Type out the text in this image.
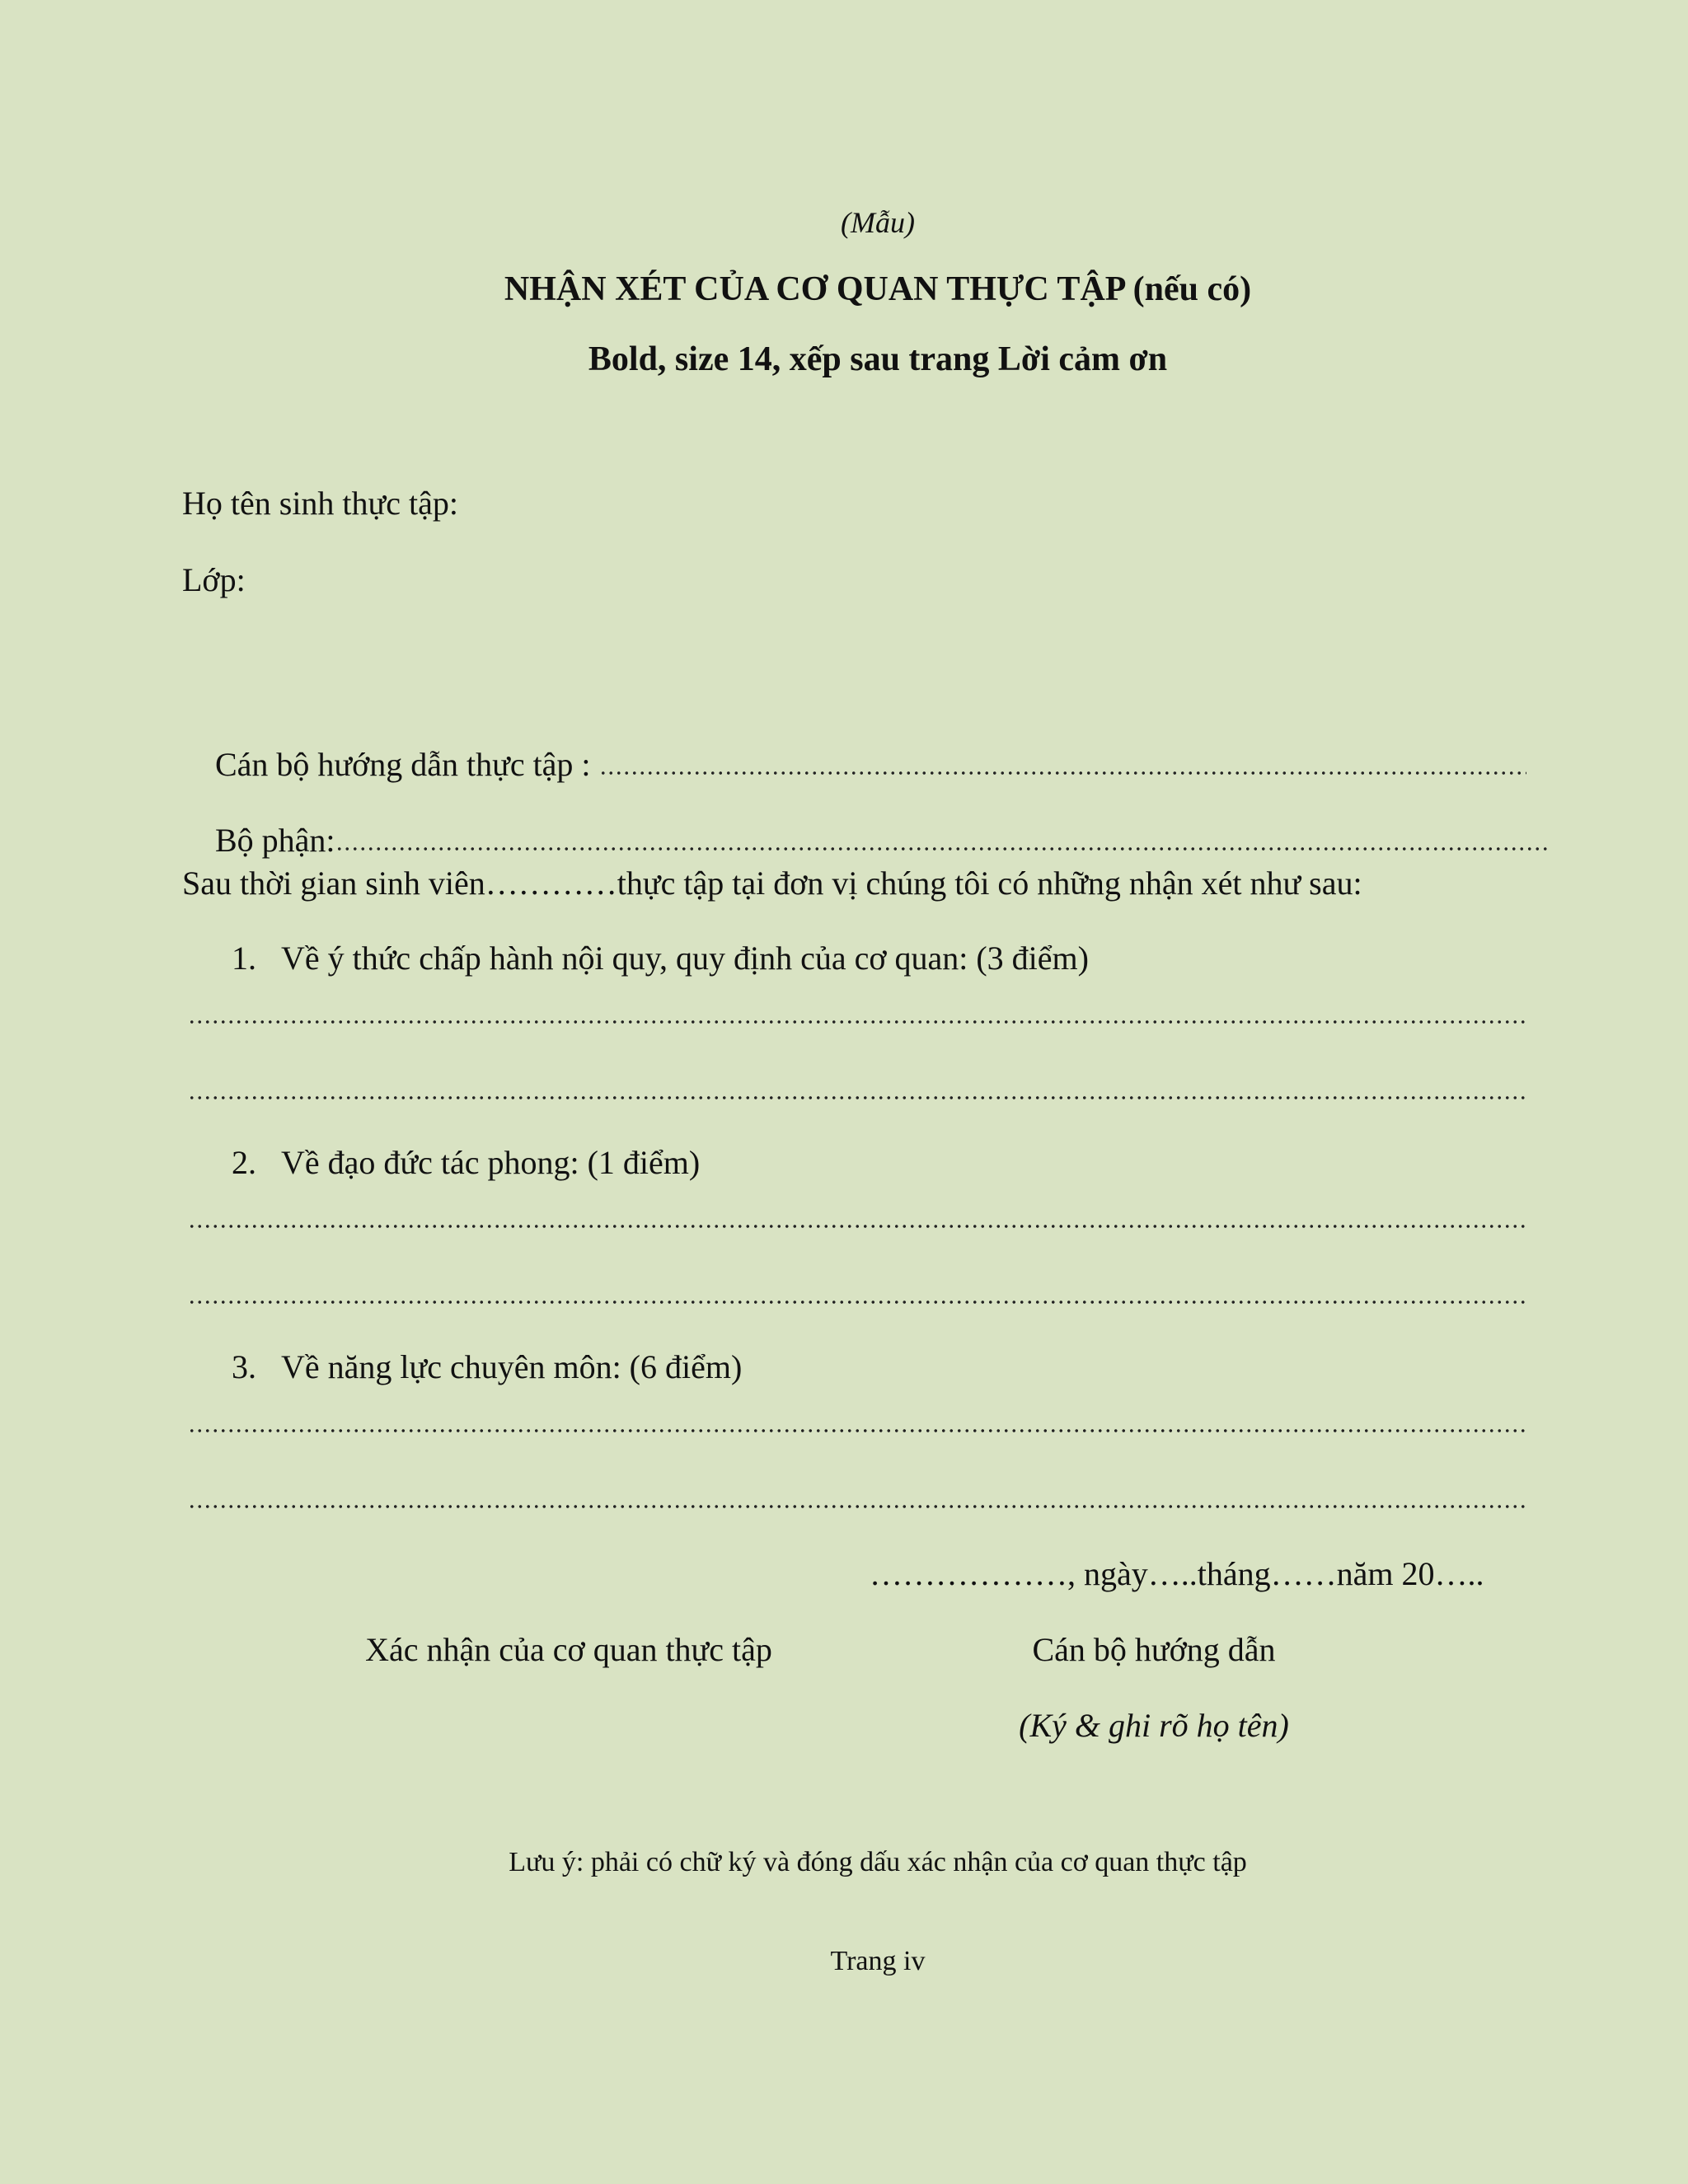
(Mẫu)
NHẬN XÉT CỦA CƠ QUAN THỰC TẬP (nếu có)
Bold, size 14, xếp sau trang Lời cảm ơn
Họ tên sinh thực tập:
Lớp:

Cán bộ hướng dẫn thực tập :

Bộ phận:

Sau thời gian sinh viên…………thực tập tại đơn vị chúng tôi có những nhận xét như sau:
1. Về ý thức chấp hành nội quy, quy định của cơ quan: (3 điểm)
2. Về đạo đức tác phong: (1 điểm)
3. Về năng lực chuyên môn: (6 điểm)
………………, ngày…..tháng……năm 20…..
Xác nhận của cơ quan thực tập	Cán bộ hướng dẫn
(Ký & ghi rõ họ tên)
Lưu ý: phải có chữ ký và đóng dấu xác nhận của cơ quan thực tập
Trang iv
